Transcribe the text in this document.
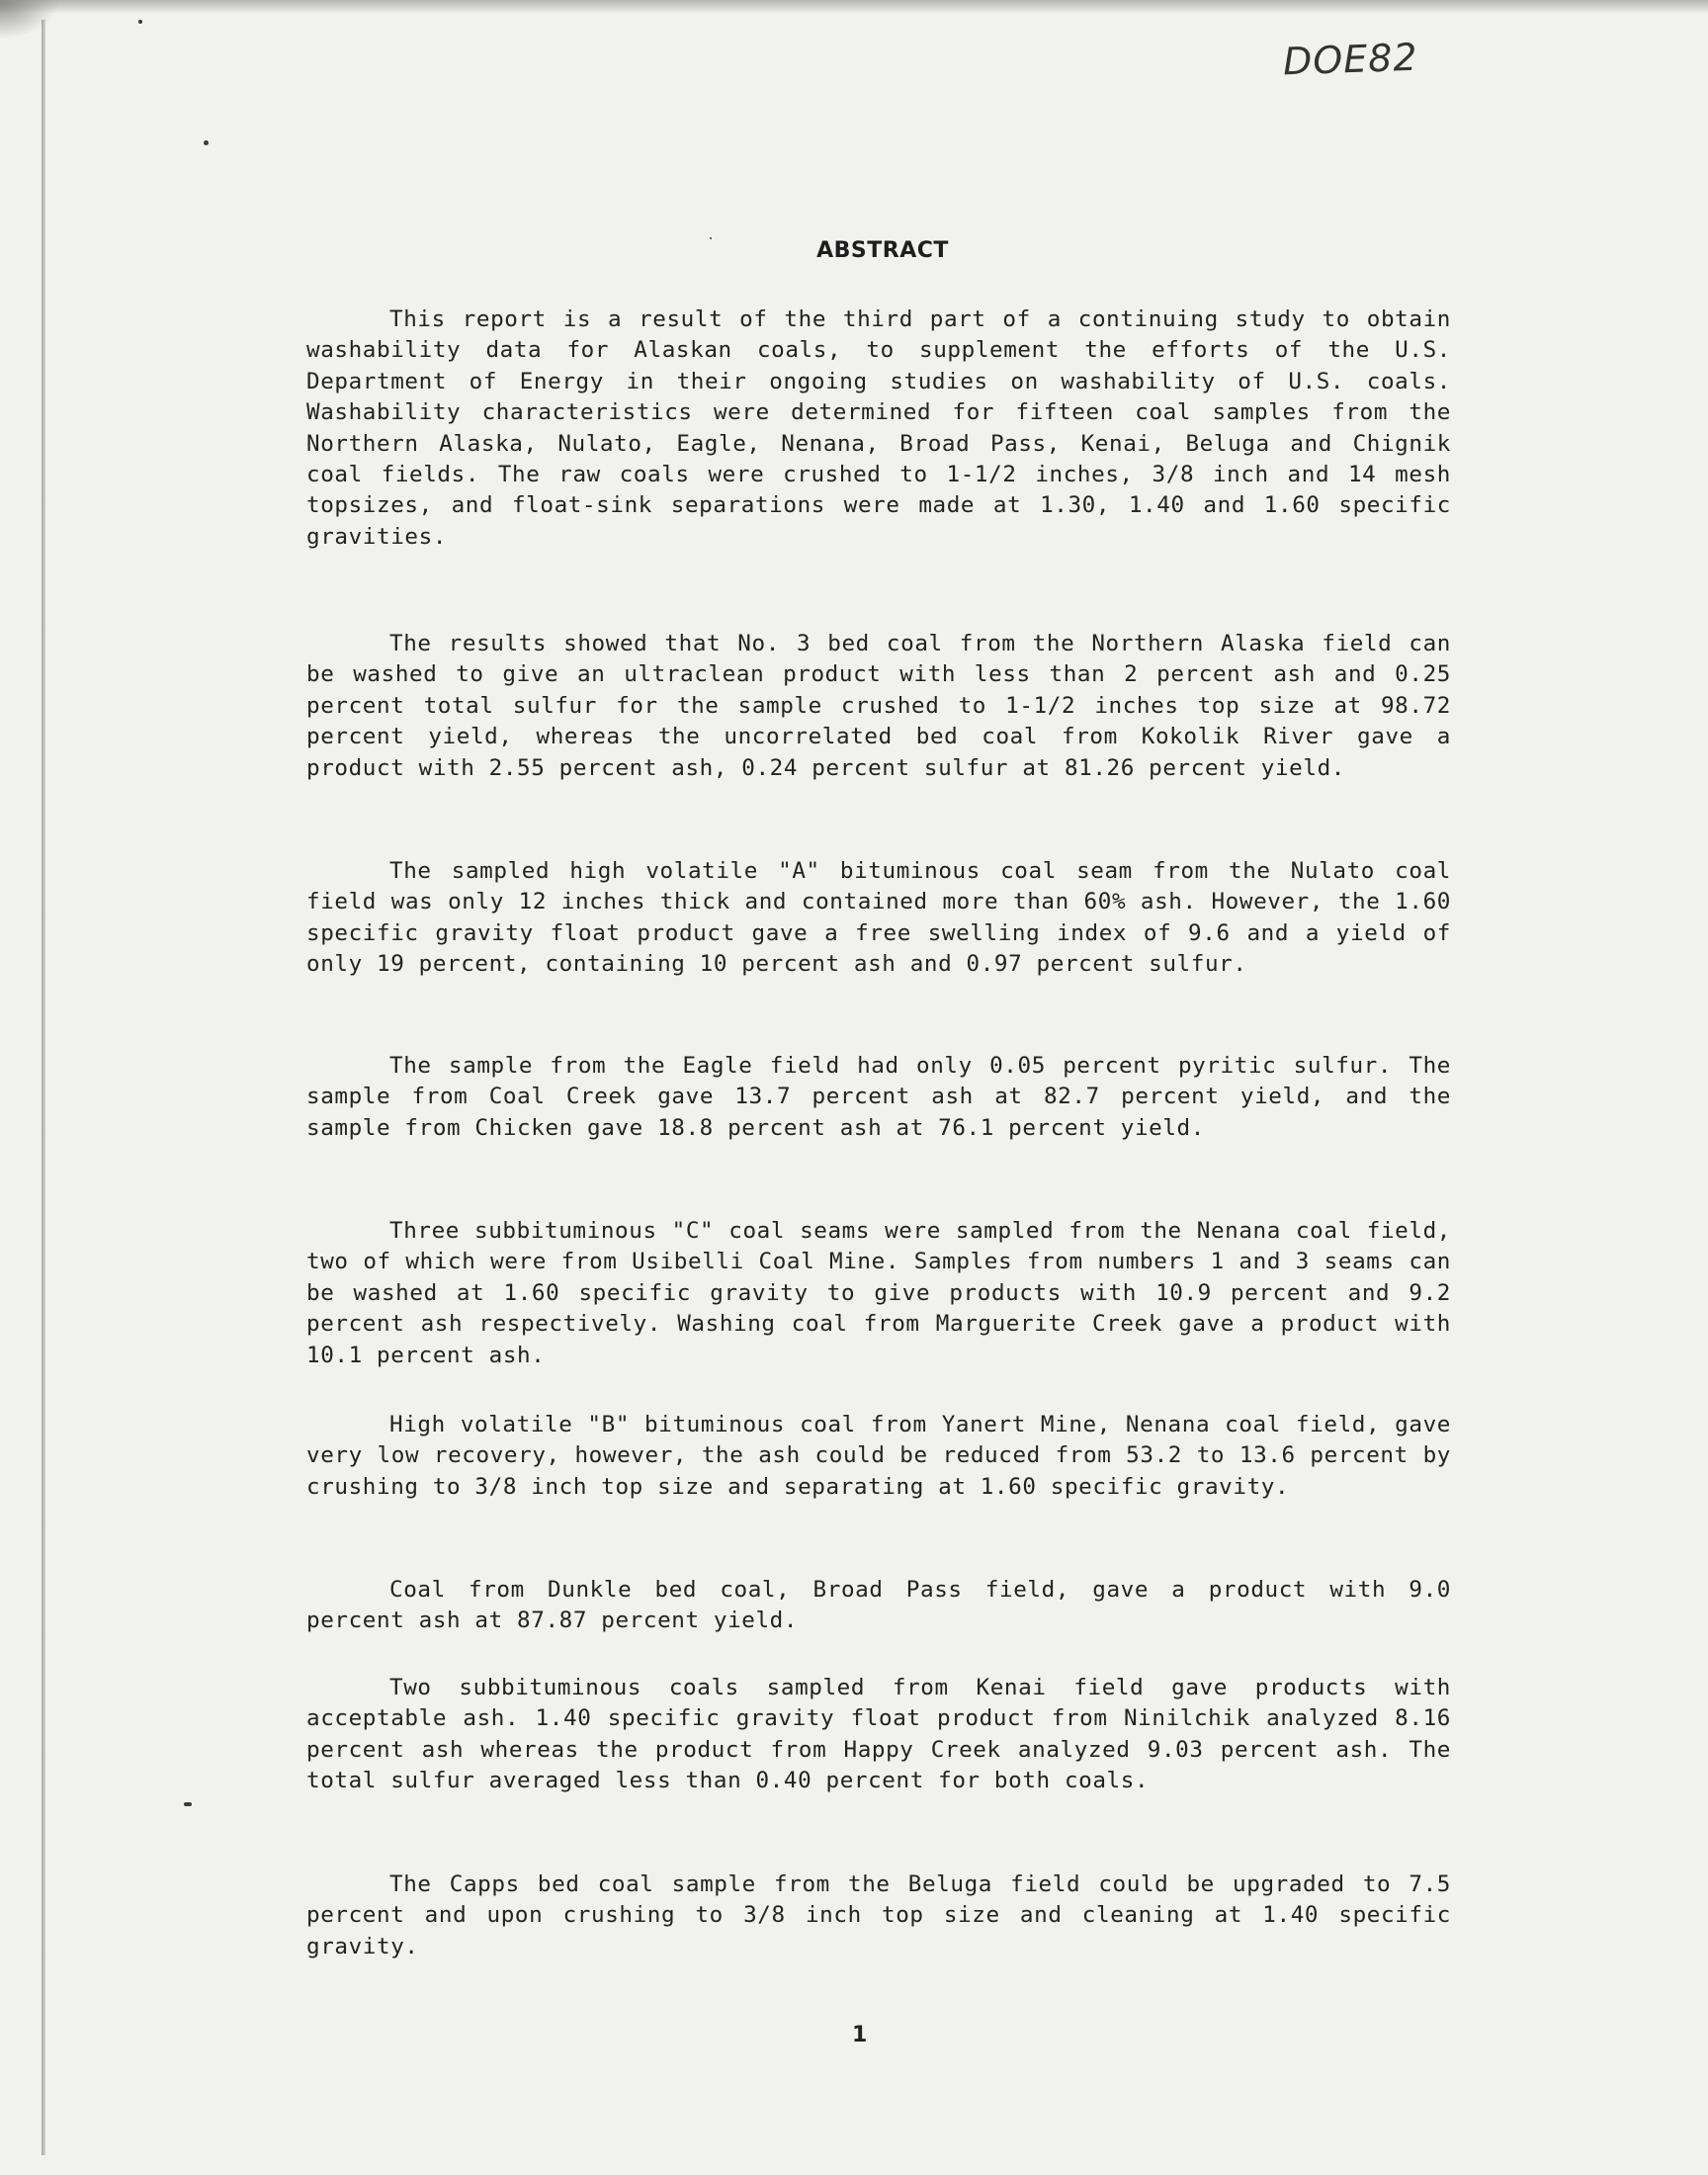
DOE82
ABSTRACT

This report is a result of the third part of a continuing study to obtain washability data for Alaskan coals, to supplement the efforts of the U.S. Department of Energy in their ongoing studies on washability of U.S. coals. Washability characteristics were determined for fifteen coal samples from the Northern Alaska, Nulato, Eagle, Nenana, Broad Pass, Kenai, Beluga and Chignik coal fields. The raw coals were crushed to 1-1/2 inches, 3/8 inch and 14 mesh topsizes, and float-sink separations were made at 1.30, 1.40 and 1.60 specific gravities.

The results showed that No. 3 bed coal from the Northern Alaska field can be washed to give an ultraclean product with less than 2 percent ash and 0.25 percent total sulfur for the sample crushed to 1-1/2 inches top size at 98.72 percent yield, whereas the uncorrelated bed coal from Kokolik River gave a product with 2.55 percent ash, 0.24 percent sulfur at 81.26 percent yield.

The sampled high volatile "A" bituminous coal seam from the Nulato coal field was only 12 inches thick and contained more than 60% ash. However, the 1.60 specific gravity float product gave a free swelling index of 9.6 and a yield of only 19 percent, containing 10 percent ash and 0.97 percent sulfur.

The sample from the Eagle field had only 0.05 percent pyritic sulfur. The sample from Coal Creek gave 13.7 percent ash at 82.7 percent yield, and the sample from Chicken gave 18.8 percent ash at 76.1 percent yield.

Three subbituminous "C" coal seams were sampled from the Nenana coal field, two of which were from Usibelli Coal Mine. Samples from numbers 1 and 3 seams can be washed at 1.60 specific gravity to give products with 10.9 percent and 9.2 percent ash respectively. Washing coal from Marguerite Creek gave a product with 10.1 percent ash.

High volatile "B" bituminous coal from Yanert Mine, Nenana coal field, gave very low recovery, however, the ash could be reduced from 53.2 to 13.6 percent by crushing to 3/8 inch top size and separating at 1.60 specific gravity.

Coal from Dunkle bed coal, Broad Pass field, gave a product with 9.0 percent ash at 87.87 percent yield.

Two subbituminous coals sampled from Kenai field gave products with acceptable ash. 1.40 specific gravity float product from Ninilchik analyzed 8.16 percent ash whereas the product from Happy Creek analyzed 9.03 percent ash. The total sulfur averaged less than 0.40 percent for both coals.

The Capps bed coal sample from the Beluga field could be upgraded to 7.5 percent and upon crushing to 3/8 inch top size and cleaning at 1.40 specific gravity.

1
